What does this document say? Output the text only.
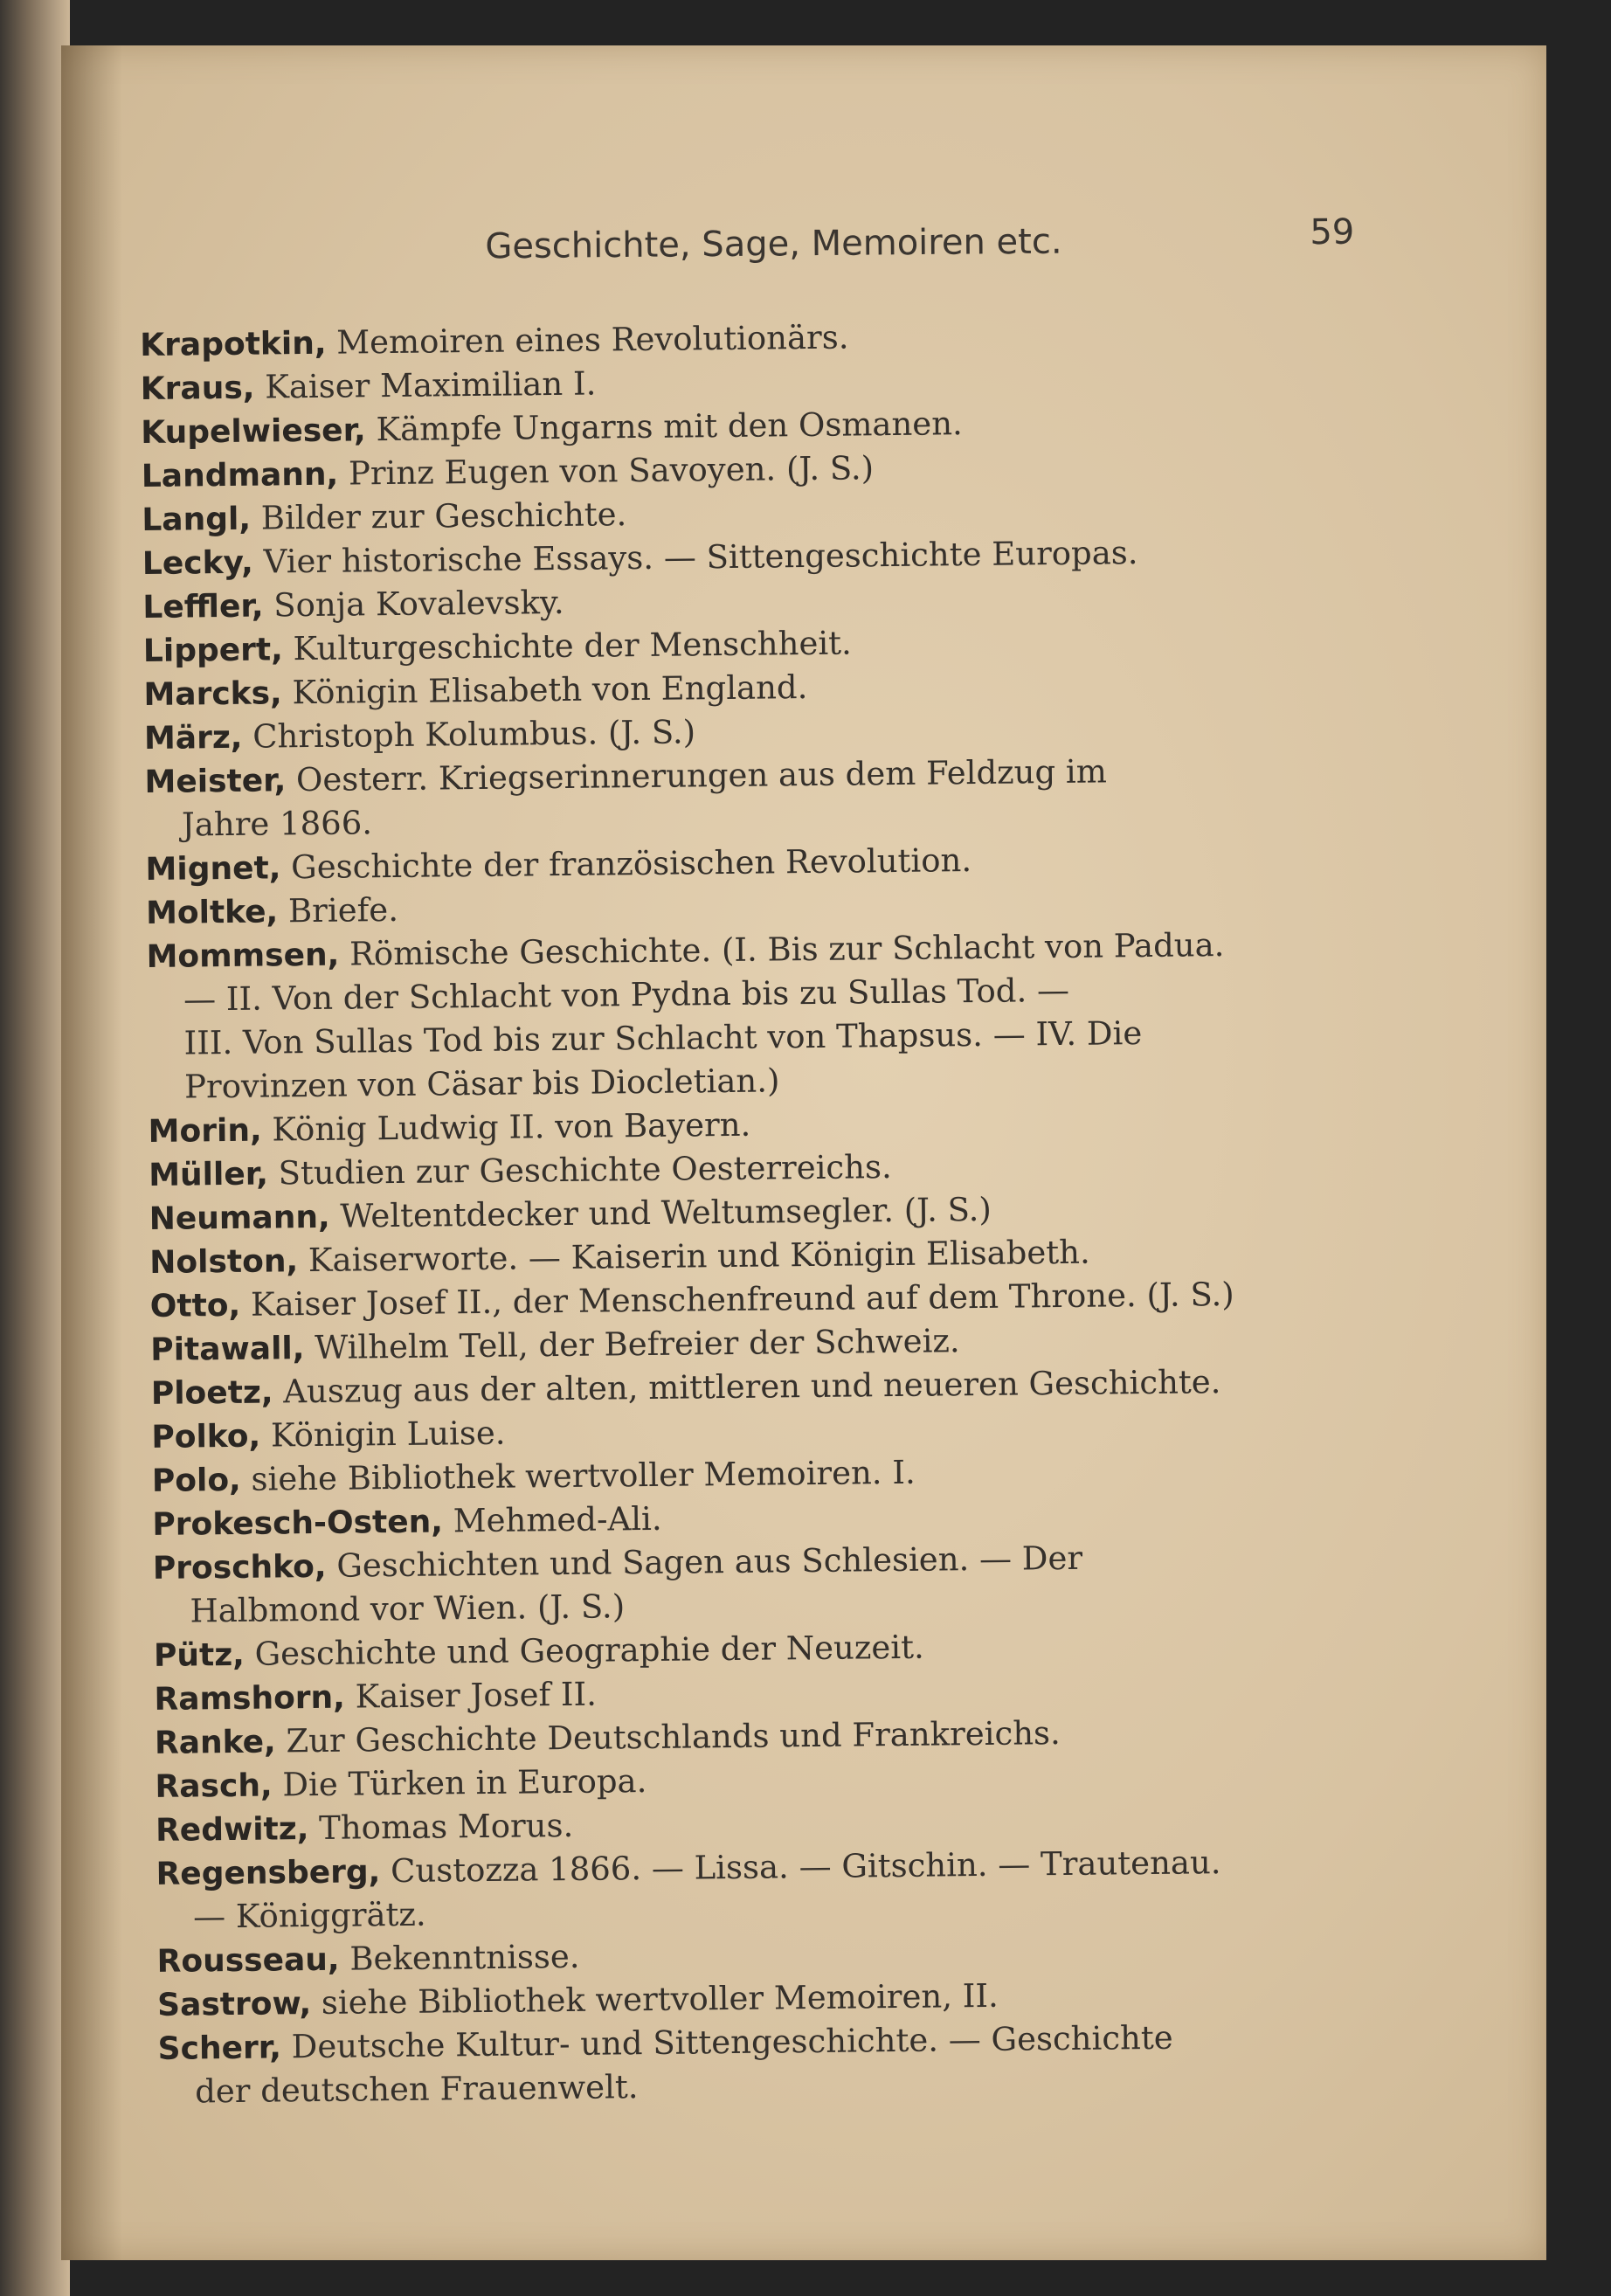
Geschichte, Sage, Memoiren etc.	59
Krapotkin, Memoiren eines Revolutionärs.
Kraus, Kaiser Maximilian I.
Kupelwieser, Kämpfe Ungarns mit den Osmanen.
Landmann, Prinz Eugen von Savoyen. (J. S.)
Langl, Bilder zur Geschichte.
Lecky, Vier historische Essays. — Sittengeschichte Europas.
Leffler, Sonja Kovalevsky.
Lippert, Kulturgeschichte der Menschheit.
Marcks, Königin Elisabeth von England.
März, Christoph Kolumbus. (J. S.)
Meister, Oesterr. Kriegserinnerungen aus dem Feldzug im
Jahre 1866.
Mignet, Geschichte der französischen Revolution.
Moltke, Briefe.
Mommsen, Römische Geschichte. (I. Bis zur Schlacht von Padua.
— II. Von der Schlacht von Pydna bis zu Sullas Tod. —
III. Von Sullas Tod bis zur Schlacht von Thapsus. — IV. Die
Provinzen von Cäsar bis Diocletian.)
Morin, König Ludwig II. von Bayern.
Müller, Studien zur Geschichte Oesterreichs.
Neumann, Weltentdecker und Weltumsegler. (J. S.)
Nolston, Kaiserworte. — Kaiserin und Königin Elisabeth.
Otto, Kaiser Josef II., der Menschenfreund auf dem Throne. (J. S.)
Pitawall, Wilhelm Tell, der Befreier der Schweiz.
Ploetz, Auszug aus der alten, mittleren und neueren Geschichte.
Polko, Königin Luise.
Polo, siehe Bibliothek wertvoller Memoiren. I.
Prokesch-Osten, Mehmed-Ali.
Proschko, Geschichten und Sagen aus Schlesien. — Der
Halbmond vor Wien. (J. S.)
Pütz, Geschichte und Geographie der Neuzeit.
Ramshorn, Kaiser Josef II.
Ranke, Zur Geschichte Deutschlands und Frankreichs.
Rasch, Die Türken in Europa.
Redwitz, Thomas Morus.
Regensberg, Custozza 1866. — Lissa. — Gitschin. — Trautenau.
— Königgrätz.
Rousseau, Bekenntnisse.
Sastrow, siehe Bibliothek wertvoller Memoiren, II.
Scherr, Deutsche Kultur- und Sittengeschichte. — Geschichte
der deutschen Frauenwelt.
